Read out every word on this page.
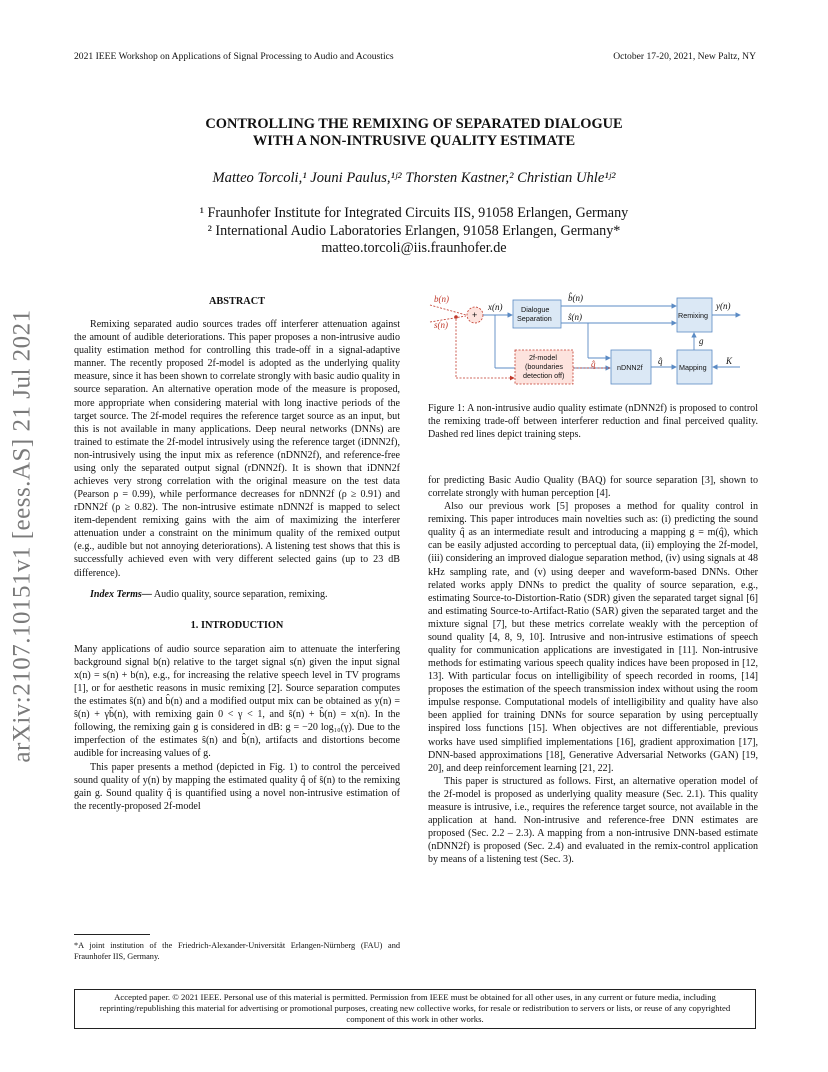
2021 IEEE Workshop on Applications of Signal Processing to Audio and Acoustics	October 17-20, 2021, New Paltz, NY
arXiv:2107.10151v1 [eess.AS] 21 Jul 2021
CONTROLLING THE REMIXING OF SEPARATED DIALOGUE
WITH A NON-INTRUSIVE QUALITY ESTIMATE
Matteo Torcoli,¹ Jouni Paulus,¹ʲ² Thorsten Kastner,² Christian Uhle¹ʲ²
¹ Fraunhofer Institute for Integrated Circuits IIS, 91058 Erlangen, Germany
² International Audio Laboratories Erlangen, 91058 Erlangen, Germany*
matteo.torcoli@iis.fraunhofer.de
ABSTRACT

Remixing separated audio sources trades off interferer attenuation against the amount of audible deteriorations. This paper proposes a non-intrusive audio quality estimation method for controlling this trade-off in a signal-adaptive manner. The recently proposed 2f-model is adopted as the underlying quality measure, since it has been shown to correlate strongly with basic audio quality in source separation. An alternative operation mode of the measure is proposed, more appropriate when considering material with long inactive periods of the target source. The 2f-model requires the reference target source as an input, but this is not available in many applications. Deep neural networks (DNNs) are trained to estimate the 2f-model intrusively using the reference target (iDNN2f), non-intrusively using the input mix as reference (nDNN2f), and reference-free using only the separated output signal (rDNN2f). It is shown that iDNN2f achieves very strong correlation with the original measure on the test data (Pearson ρ = 0.99), while performance decreases for nDNN2f (ρ ≥ 0.91) and rDNN2f (ρ ≥ 0.82). The non-intrusive estimate nDNN2f is mapped to select item-dependent remixing gains with the aim of maximizing the interferer attenuation under a constraint on the minimum quality of the remixed output (e.g., audible but not annoying deteriorations). A listening test shows that this is successfully achieved even with very different selected gains (up to 23 dB difference).

Index Terms— Audio quality, source separation, remixing.

1. INTRODUCTION

Many applications of audio source separation aim to attenuate the interfering background signal b(n) relative to the target signal s(n) given the input signal x(n) = s(n) + b(n), e.g., for increasing the relative speech level in TV programs [1], or for aesthetic reasons in music remixing [2]. Source separation computes the estimates ŝ(n) and b̂(n) and a modified output mix can be obtained as y(n) = ŝ(n) + γb̂(n), with remixing gain 0 < γ < 1, and ŝ(n) + b̂(n) = x(n). In the following, the remixing gain g is considered in dB: g = −20 log₁₀(γ). Due to the imperfection of the estimates ŝ(n) and b̂(n), artifacts and distortions become audible for increasing values of g.

This paper presents a method (depicted in Fig. 1) to control the perceived sound quality of y(n) by mapping the estimated quality q̂ of ŝ(n) to the remixing gain g. Sound quality q̂ is quantified using a novel non-intrusive estimation of the recently-proposed 2f-model

*A joint institution of the Friedrich-Alexander-Universität Erlangen-Nürnberg (FAU) and Fraunhofer IIS, Germany.
b(n)
s(n)
+
x(n)	Dialogue
Separation
b̂(n)
ŝ(n)	Remixing
y(n)
2f-model
(boundaries
detection off)
q̂	nDNN2f
q̂
Mapping
g
K
Figure 1: A non-intrusive audio quality estimate (nDNN2f) is proposed to control the remixing trade-off between interferer reduction and final perceived quality. Dashed red lines depict training steps.

for predicting Basic Audio Quality (BAQ) for source separation [3], shown to correlate strongly with human perception [4].

Also our previous work [5] proposes a method for quality control in remixing. This paper introduces main novelties such as: (i) predicting the sound quality q̂ as an intermediate result and introducing a mapping g = m(q̂), which can be easily adjusted according to perceptual data, (ii) employing the 2f-model, (iii) considering an improved dialogue separation method, (iv) using signals at 48 kHz sampling rate, and (v) using deeper and waveform-based DNNs. Other related works apply DNNs to predict the quality of source separation, e.g., estimating Source-to-Distortion-Ratio (SDR) given the separated target signal [6] and estimating Source-to-Artifact-Ratio (SAR) given the separated target and the mixture signal [7], but these metrics correlate weakly with the perception of sound quality [4, 8, 9, 10]. Intrusive and non-intrusive estimations of speech quality for communication applications are investigated in [11]. Non-intrusive methods for estimating various speech quality indices have been proposed in [12, 13]. With particular focus on intelligibility of speech recorded in rooms, [14] proposes the estimation of the speech transmission index without using the room impulse response. Computational models of intelligibility and quality have also been applied for training DNNs for source separation by using perceptually inspired loss functions [15]. When objectives are not differentiable, previous works have used simplified implementations [16], gradient approximation [17], DNN-based approximations [18], Generative Adversarial Networks (GAN) [19, 20], and deep reinforcement learning [21, 22].

This paper is structured as follows. First, an alternative operation model of the 2f-model is proposed as underlying quality measure (Sec. 2.1). This quality measure is intrusive, i.e., requires the reference target source, not available in the application at hand. Non-intrusive and reference-free DNN estimates are proposed (Sec. 2.2 – 2.3). A mapping from a non-intrusive DNN-based estimate (nDNN2f) is proposed (Sec. 2.4) and evaluated in the remix-control application by means of a listening test (Sec. 3).

Accepted paper. © 2021 IEEE. Personal use of this material is permitted. Permission from IEEE must be obtained for all other uses, in any current or future media, including reprinting/republishing this material for advertising or promotional purposes, creating new collective works, for resale or redistribution to servers or lists, or reuse of any copyrighted component of this work in other works.
